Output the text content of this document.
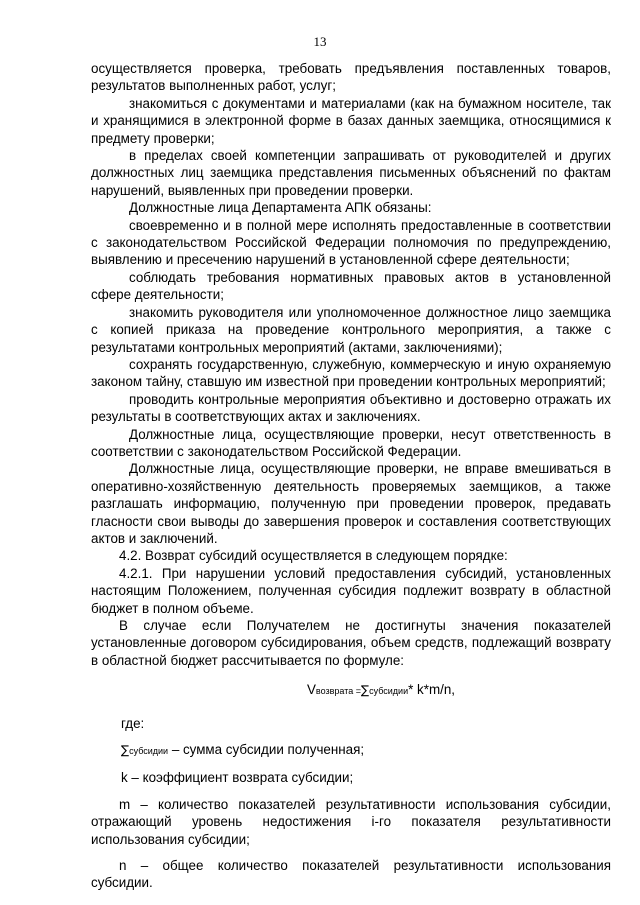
13

осуществляется проверка, требовать предъявления поставленных товаров, результатов выполненных работ, услуг;

знакомиться с документами и материалами (как на бумажном носителе, так и хранящимися в электронной форме в базах данных заемщика, относящимися к предмету проверки;

в пределах своей компетенции запрашивать от руководителей и других должностных лиц заемщика представления письменных объяснений по фактам нарушений, выявленных при проведении проверки.

Должностные лица Департамента АПК обязаны:

своевременно и в полной мере исполнять предоставленные в соответствии с законодательством Российской Федерации полномочия по предупреждению, выявлению и пресечению нарушений в установленной сфере деятельности;

соблюдать требования нормативных правовых актов в установленной сфере деятельности;

знакомить руководителя или уполномоченное должностное лицо заемщика с копией приказа на проведение контрольного мероприятия, а также с результатами контрольных мероприятий (актами, заключениями);

сохранять государственную, служебную, коммерческую и иную охраняемую законом тайну, ставшую им известной при проведении контрольных мероприятий;

проводить контрольные мероприятия объективно и достоверно отражать их результаты в соответствующих актах и заключениях.

Должностные лица, осуществляющие проверки, несут ответственность в соответствии с законодательством Российской Федерации.

Должностные лица, осуществляющие проверки, не вправе вмешиваться в оперативно-хозяйственную деятельность проверяемых заемщиков, а также разглашать информацию, полученную при проведении проверок, предавать гласности свои выводы до завершения проверок и составления соответствующих актов и заключений.

4.2. Возврат субсидий осуществляется в следующем порядке:

4.2.1. При нарушении условий предоставления субсидий, установленных настоящим Положением, полученная субсидия подлежит возврату в областной бюджет в полном объеме.

В случае если Получателем не достигнуты значения показателей установленные договором субсидирования, объем средств, подлежащий возврату в областной бюджет рассчитывается по формуле:

Vвозврата =∑субсидии* k*m/n,

где:

∑субсидии – сумма субсидии полученная;

k – коэффициент возврата субсидии;

m – количество показателей результативности использования субсидии, отражающий уровень недостижения i-го показателя результативности использования субсидии;

n – общее количество показателей результативности использования субсидии.
